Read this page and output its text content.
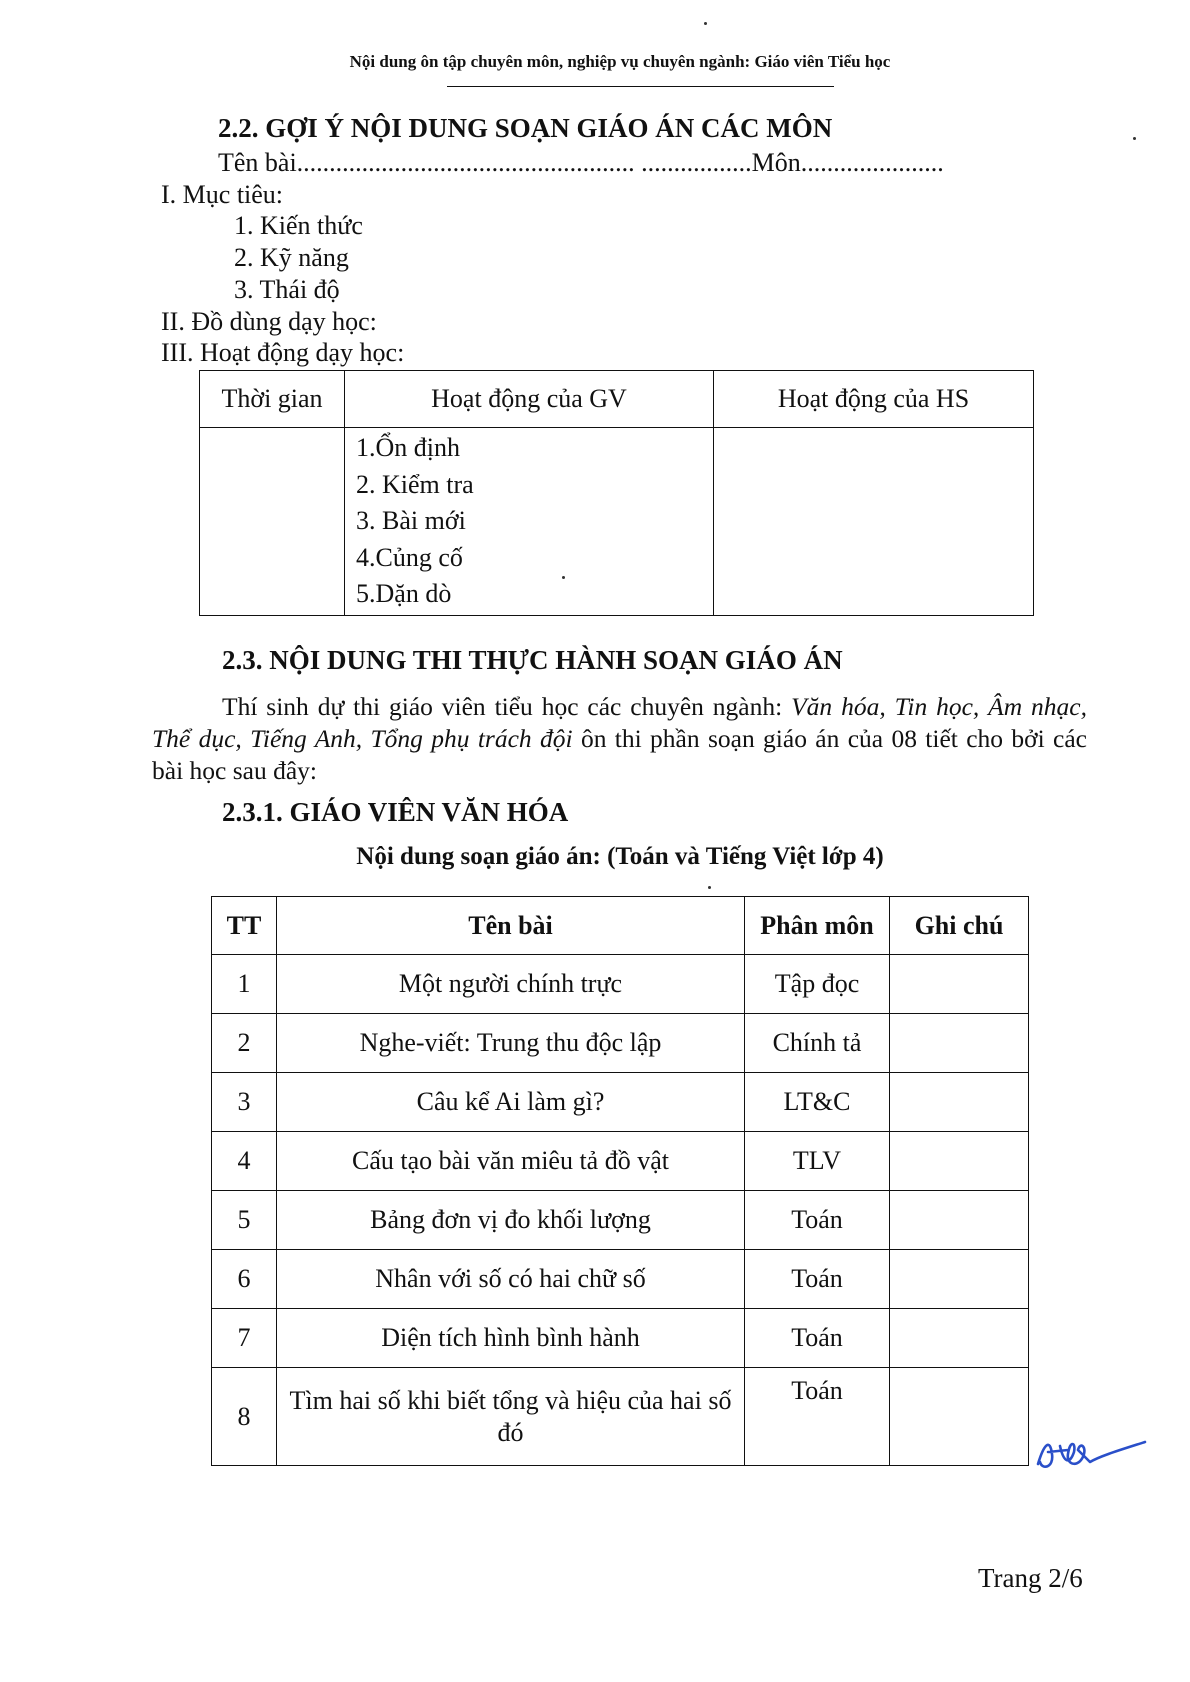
Nội dung ôn tập chuyên môn, nghiệp vụ chuyên ngành: Giáo viên Tiểu học
2.2. GỢI Ý NỘI DUNG SOẠN GIÁO ÁN CÁC MÔN
Tên bài.................................................... .................Môn......................
I. Mục tiêu:
1. Kiến thức
2. Kỹ năng
3. Thái độ
II. Đồ dùng dạy học:
III. Hoạt động dạy học:
Thời gian	Hoạt động của GV	Hoạt động của HS

	1.Ổn định
2. Kiểm tra
3. Bài mới
4.Củng cố
5.Dặn dò	

2.3. NỘI DUNG THI THỰC HÀNH SOẠN GIÁO ÁN
Thí sinh dự thi giáo viên tiểu học các chuyên ngành: Văn hóa, Tin học, Âm nhạc, Thể dục, Tiếng Anh, Tổng phụ trách đội ôn thi phần soạn giáo án của 08 tiết cho bởi các bài học sau đây:
2.3.1. GIÁO VIÊN VĂN HÓA
Nội dung soạn giáo án: (Toán và Tiếng Việt lớp 4)
TT	Tên bài	Phân môn	Ghi chú
1	Một người chính trực	Tập đọc	
2	Nghe-viết: Trung thu độc lập	Chính tả	
3	Câu kể Ai làm gì?	LT&C	
4	Cấu tạo bài văn miêu tả đồ vật	TLV	
5	Bảng đơn vị đo khối lượng	Toán	
6	Nhân với số có hai chữ số	Toán	
7	Diện tích hình bình hành	Toán	
8	Tìm hai số khi biết tổng và hiệu của hai số đó	Toán	
Trang 2/6
